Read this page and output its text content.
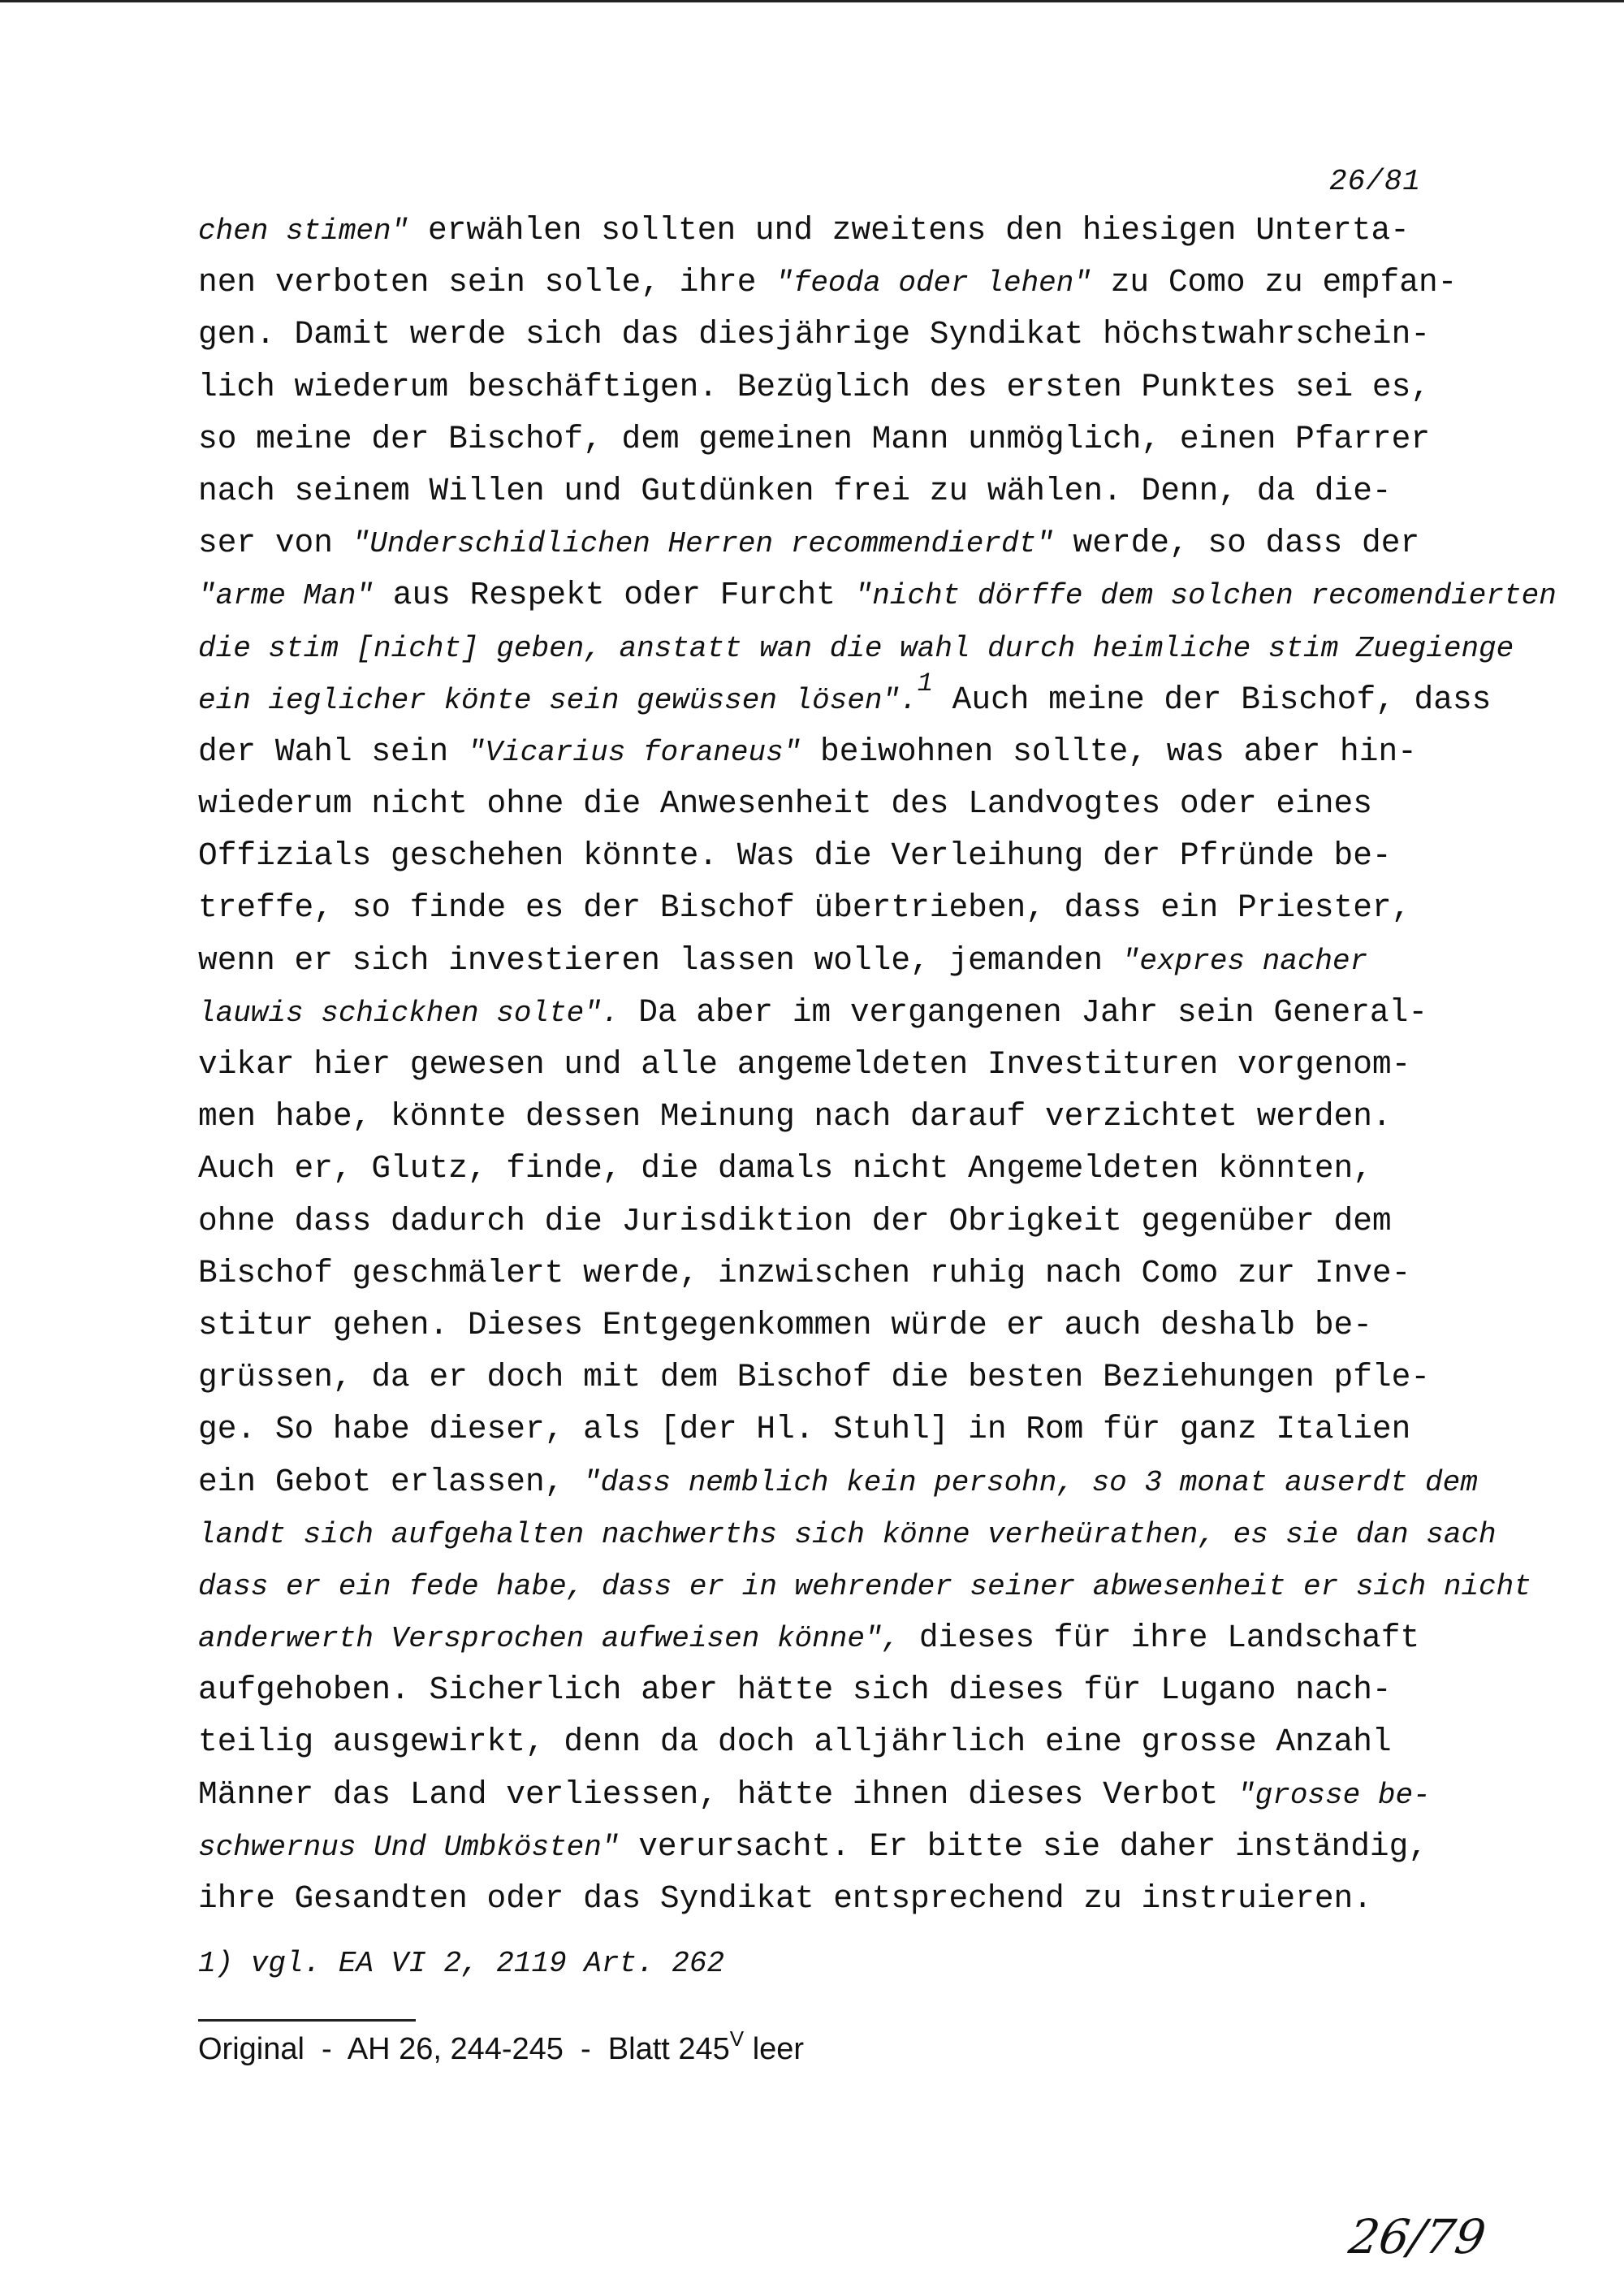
26/81
chen stimen" erwählen sollten und zweitens den hiesigen Unterta-
nen verboten sein solle, ihre "feoda oder lehen" zu Como zu empfan-
gen. Damit werde sich das diesjährige Syndikat höchstwahrschein-
lich wiederum beschäftigen. Bezüglich des ersten Punktes sei es,
so meine der Bischof, dem gemeinen Mann unmöglich, einen Pfarrer
nach seinem Willen und Gutdünken frei zu wählen. Denn, da die-
ser von "Underschidlichen Herren recommendierdt" werde, so dass der
"arme Man" aus Respekt oder Furcht "nicht dörffe dem solchen recomendierten
die stim [nicht] geben, anstatt wan die wahl durch heimliche stim Zuegienge
ein ieglicher könte sein gewüssen lösen".$^1$ Auch meine der Bischof, dass
der Wahl sein "Vicarius foraneus" beiwohnen sollte, was aber hin-
wiederum nicht ohne die Anwesenheit des Landvogtes oder eines
Offizials geschehen könnte. Was die Verleihung der Pfründe be-
treffe, so finde es der Bischof übertrieben, dass ein Priester,
wenn er sich investieren lassen wolle, jemanden "expres nacher
lauwis schickhen solte". Da aber im vergangenen Jahr sein General-
vikar hier gewesen und alle angemeldeten Investituren vorgenom-
men habe, könnte dessen Meinung nach darauf verzichtet werden.
Auch er, Glutz, finde, die damals nicht Angemeldeten könnten,
ohne dass dadurch die Jurisdiktion der Obrigkeit gegenüber dem
Bischof geschmälert werde, inzwischen ruhig nach Como zur Inve-
stitur gehen. Dieses Entgegenkommen würde er auch deshalb be-
grüssen, da er doch mit dem Bischof die besten Beziehungen pfle-
ge. So habe dieser, als [der Hl. Stuhl] in Rom für ganz Italien
ein Gebot erlassen, "dass nemblich kein persohn, so 3 monat auserdt dem
landt sich aufgehalten nachwerths sich könne verheürathen, es sie dan sach
dass er ein fede habe, dass er in wehrender seiner abwesenheit er sich nicht
anderwerth Versprochen aufweisen könne", dieses für ihre Landschaft
aufgehoben. Sicherlich aber hätte sich dieses für Lugano nach-
teilig ausgewirkt, denn da doch alljährlich eine grosse Anzahl
Männer das Land verliessen, hätte ihnen dieses Verbot "grosse be-
schwernus Und Umbkösten" verursacht. Er bitte sie daher inständig,
ihre Gesandten oder das Syndikat entsprechend zu instruieren.
1) vgl. EA VI 2, 2119 Art. 262
Original  -  AH 26, 244-245  -  Blatt $245^V$ leer
26/79
